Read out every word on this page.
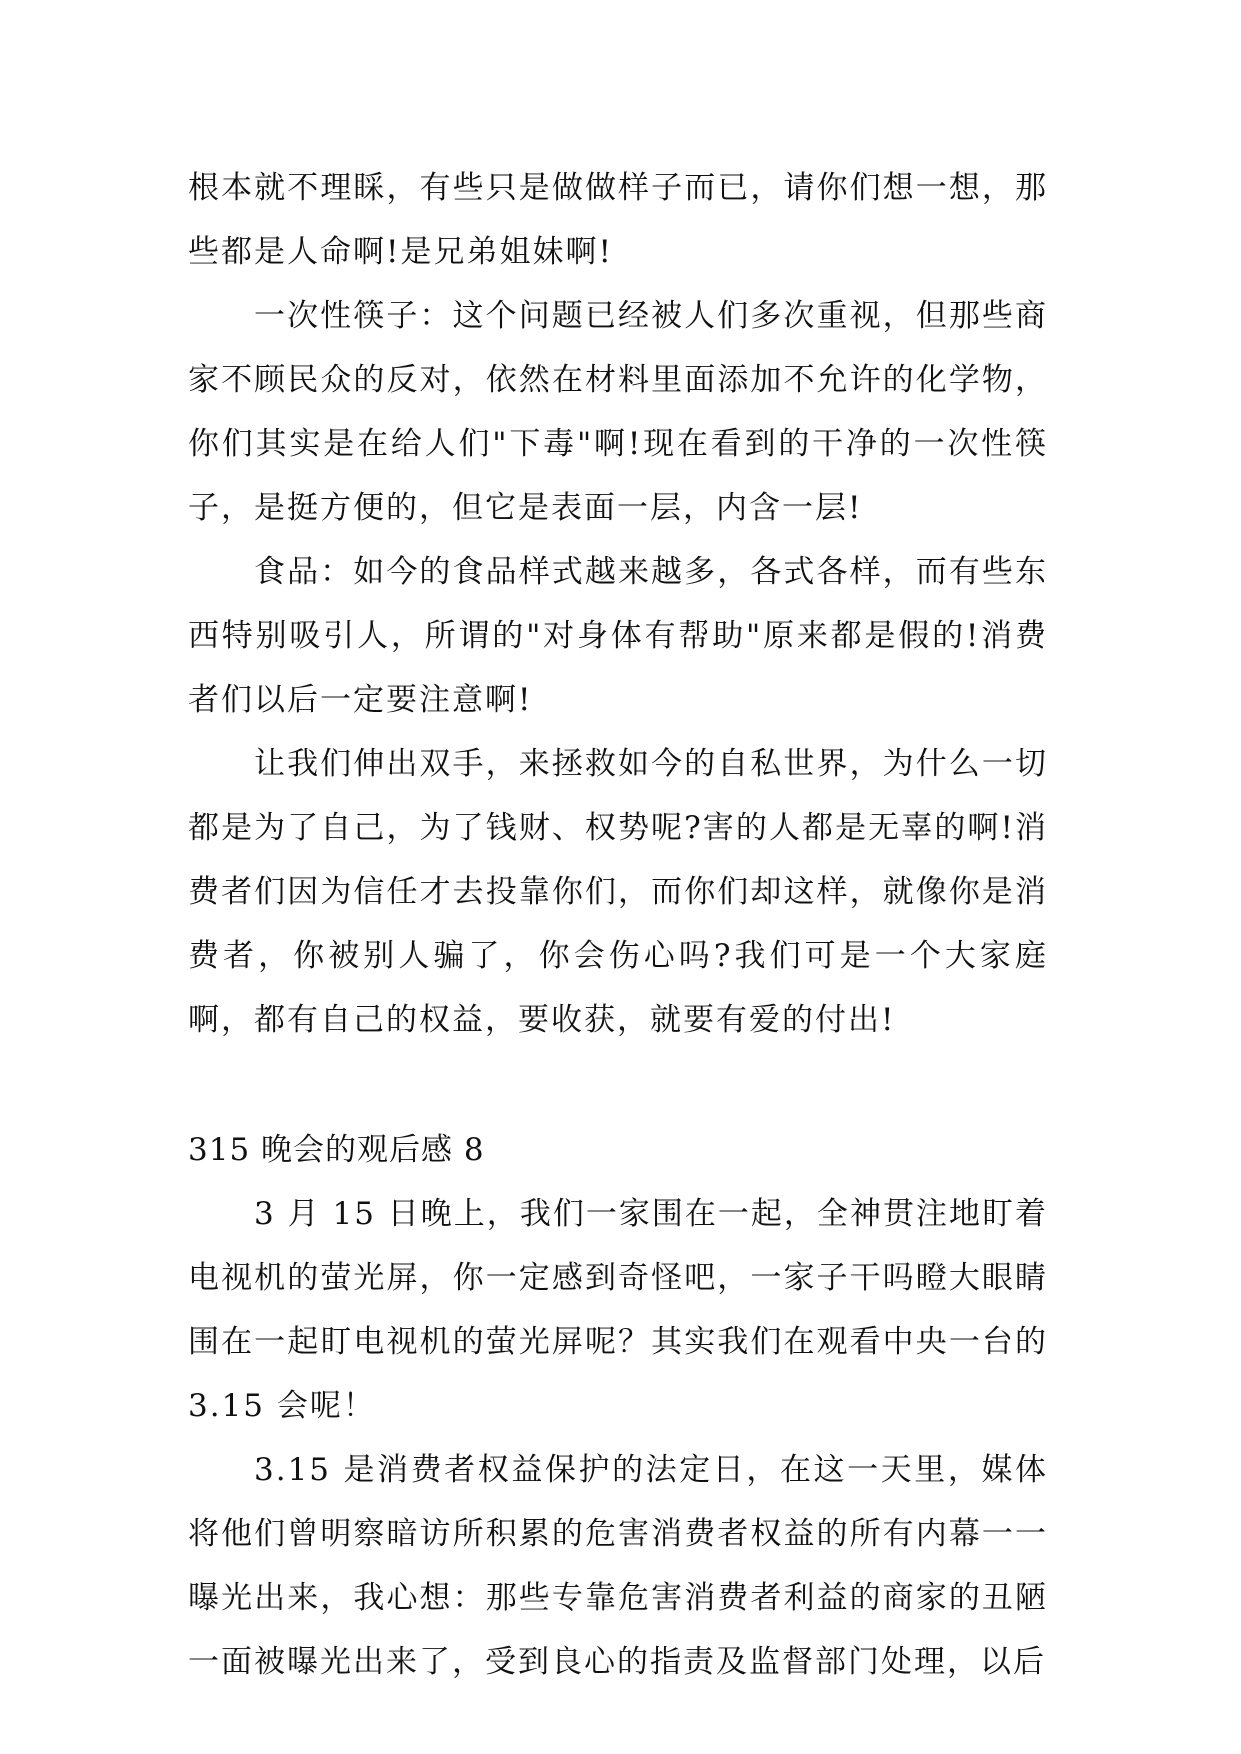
根本就不理睬，有些只是做做样子而已，请你们想一想，那些都是人命啊!是兄弟姐妹啊!

一次性筷子：这个问题已经被人们多次重视，但那些商家不顾民众的反对，依然在材料里面添加不允许的化学物，你们其实是在给人们"下毒"啊!现在看到的干净的一次性筷子，是挺方便的，但它是表面一层，内含一层!

食品：如今的食品样式越来越多，各式各样，而有些东西特别吸引人，所谓的"对身体有帮助"原来都是假的!消费者们以后一定要注意啊!

让我们伸出双手，来拯救如今的自私世界，为什么一切都是为了自己，为了钱财、权势呢?害的人都是无辜的啊!消费者们因为信任才去投靠你们，而你们却这样，就像你是消费者，你被别人骗了，你会伤心吗?我们可是一个大家庭啊，都有自己的权益，要收获，就要有爱的付出!

315 晚会的观后感 8

3 月 15 日晚上，我们一家围在一起，全神贯注地盯着电视机的萤光屏，你一定感到奇怪吧，一家子干吗瞪大眼睛围在一起盯电视机的萤光屏呢？其实我们在观看中央一台的 3.15 会呢！

3.15 是消费者权益保护的法定日，在这一天里，媒体将他们曾明察暗访所积累的危害消费者权益的所有内幕一一曝光出来，我心想：那些专靠危害消费者利益的商家的丑陋一面被曝光出来了，受到良心的指责及监督部门处理，以后
